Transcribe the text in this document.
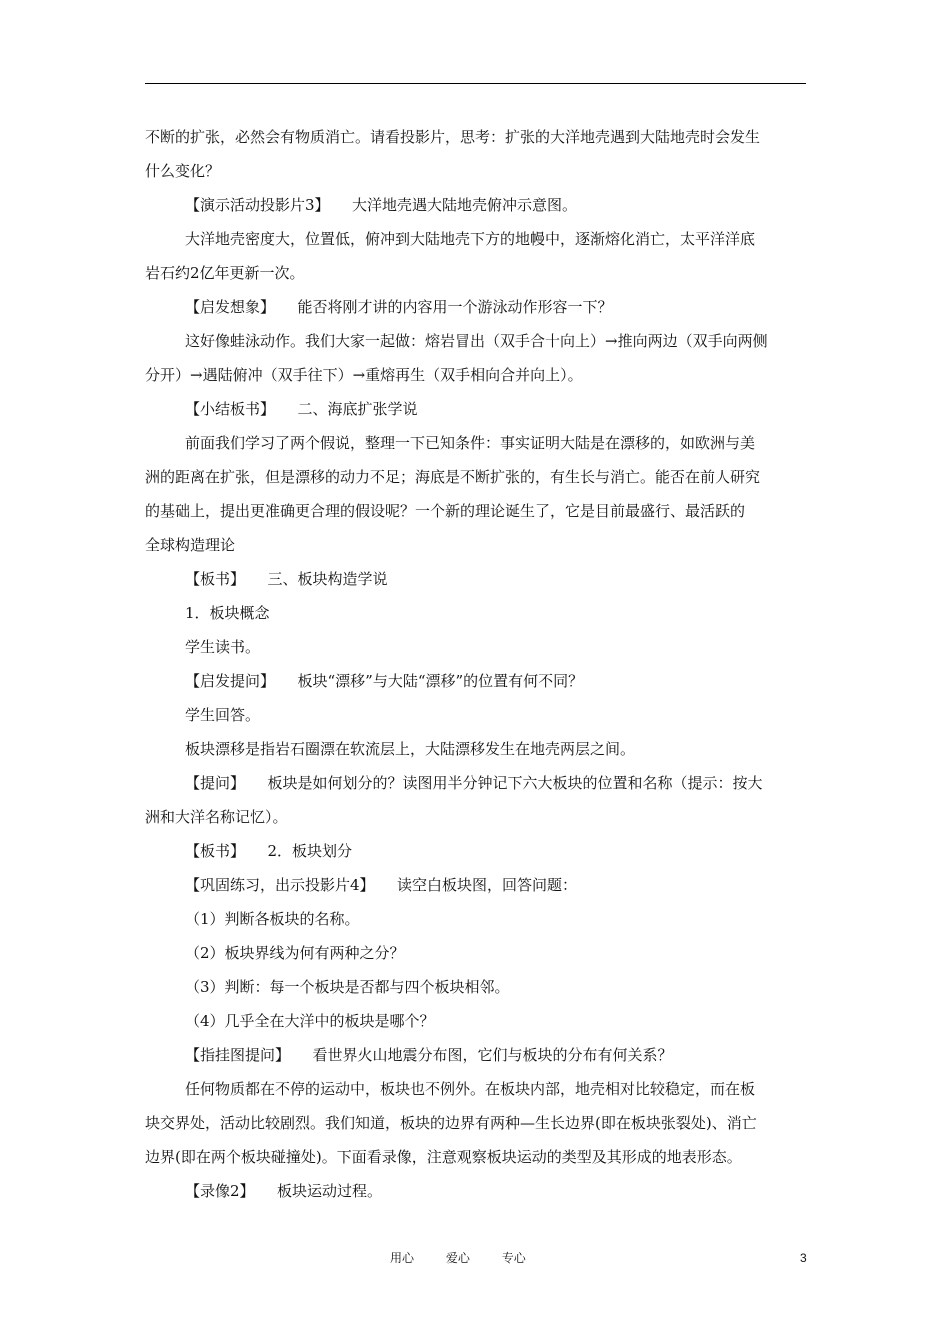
不断的扩张，必然会有物质消亡。请看投影片，思考：扩张的大洋地壳遇到大陆地壳时会发生
什么变化？
【演示活动投影片3】　　大洋地壳遇大陆地壳俯冲示意图。
大洋地壳密度大，位置低，俯冲到大陆地壳下方的地幔中，逐渐熔化消亡，太平洋洋底
岩石约2亿年更新一次。
【启发想象】　　能否将刚才讲的内容用一个游泳动作形容一下？
这好像蛙泳动作。我们大家一起做：熔岩冒出（双手合十向上）→推向两边（双手向两侧
分开）→遇陆俯冲（双手往下）→重熔再生（双手相向合并向上）。
【小结板书】　　二、海底扩张学说
前面我们学习了两个假说，整理一下已知条件：事实证明大陆是在漂移的，如欧洲与美
洲的距离在扩张，但是漂移的动力不足；海底是不断扩张的，有生长与消亡。能否在前人研究
的基础上，提出更准确更合理的假设呢？一个新的理论诞生了，它是目前最盛行、最活跃的
全球构造理论
【板书】　　三、板块构造学说
1．板块概念
学生读书。
【启发提问】　　板块“漂移”与大陆“漂移”的位置有何不同？
学生回答。
板块漂移是指岩石圈漂在软流层上，大陆漂移发生在地壳两层之间。
【提问】　　板块是如何划分的？读图用半分钟记下六大板块的位置和名称（提示：按大
洲和大洋名称记忆）。
【板书】　　2．板块划分
【巩固练习，出示投影片4】　　读空白板块图，回答问题：
（1）判断各板块的名称。
（2）板块界线为何有两种之分？
（3）判断：每一个板块是否都与四个板块相邻。
（4）几乎全在大洋中的板块是哪个？
【指挂图提问】　　看世界火山地震分布图，它们与板块的分布有何关系？
任何物质都在不停的运动中，板块也不例外。在板块内部，地壳相对比较稳定，而在板
块交界处，活动比较剧烈。我们知道，板块的边界有两种—生长边界(即在板块张裂处)、消亡
边界(即在两个板块碰撞处)。下面看录像，注意观察板块运动的类型及其形成的地表形态。
【录像2】　　板块运动过程。
用心	爱心	专心	3
